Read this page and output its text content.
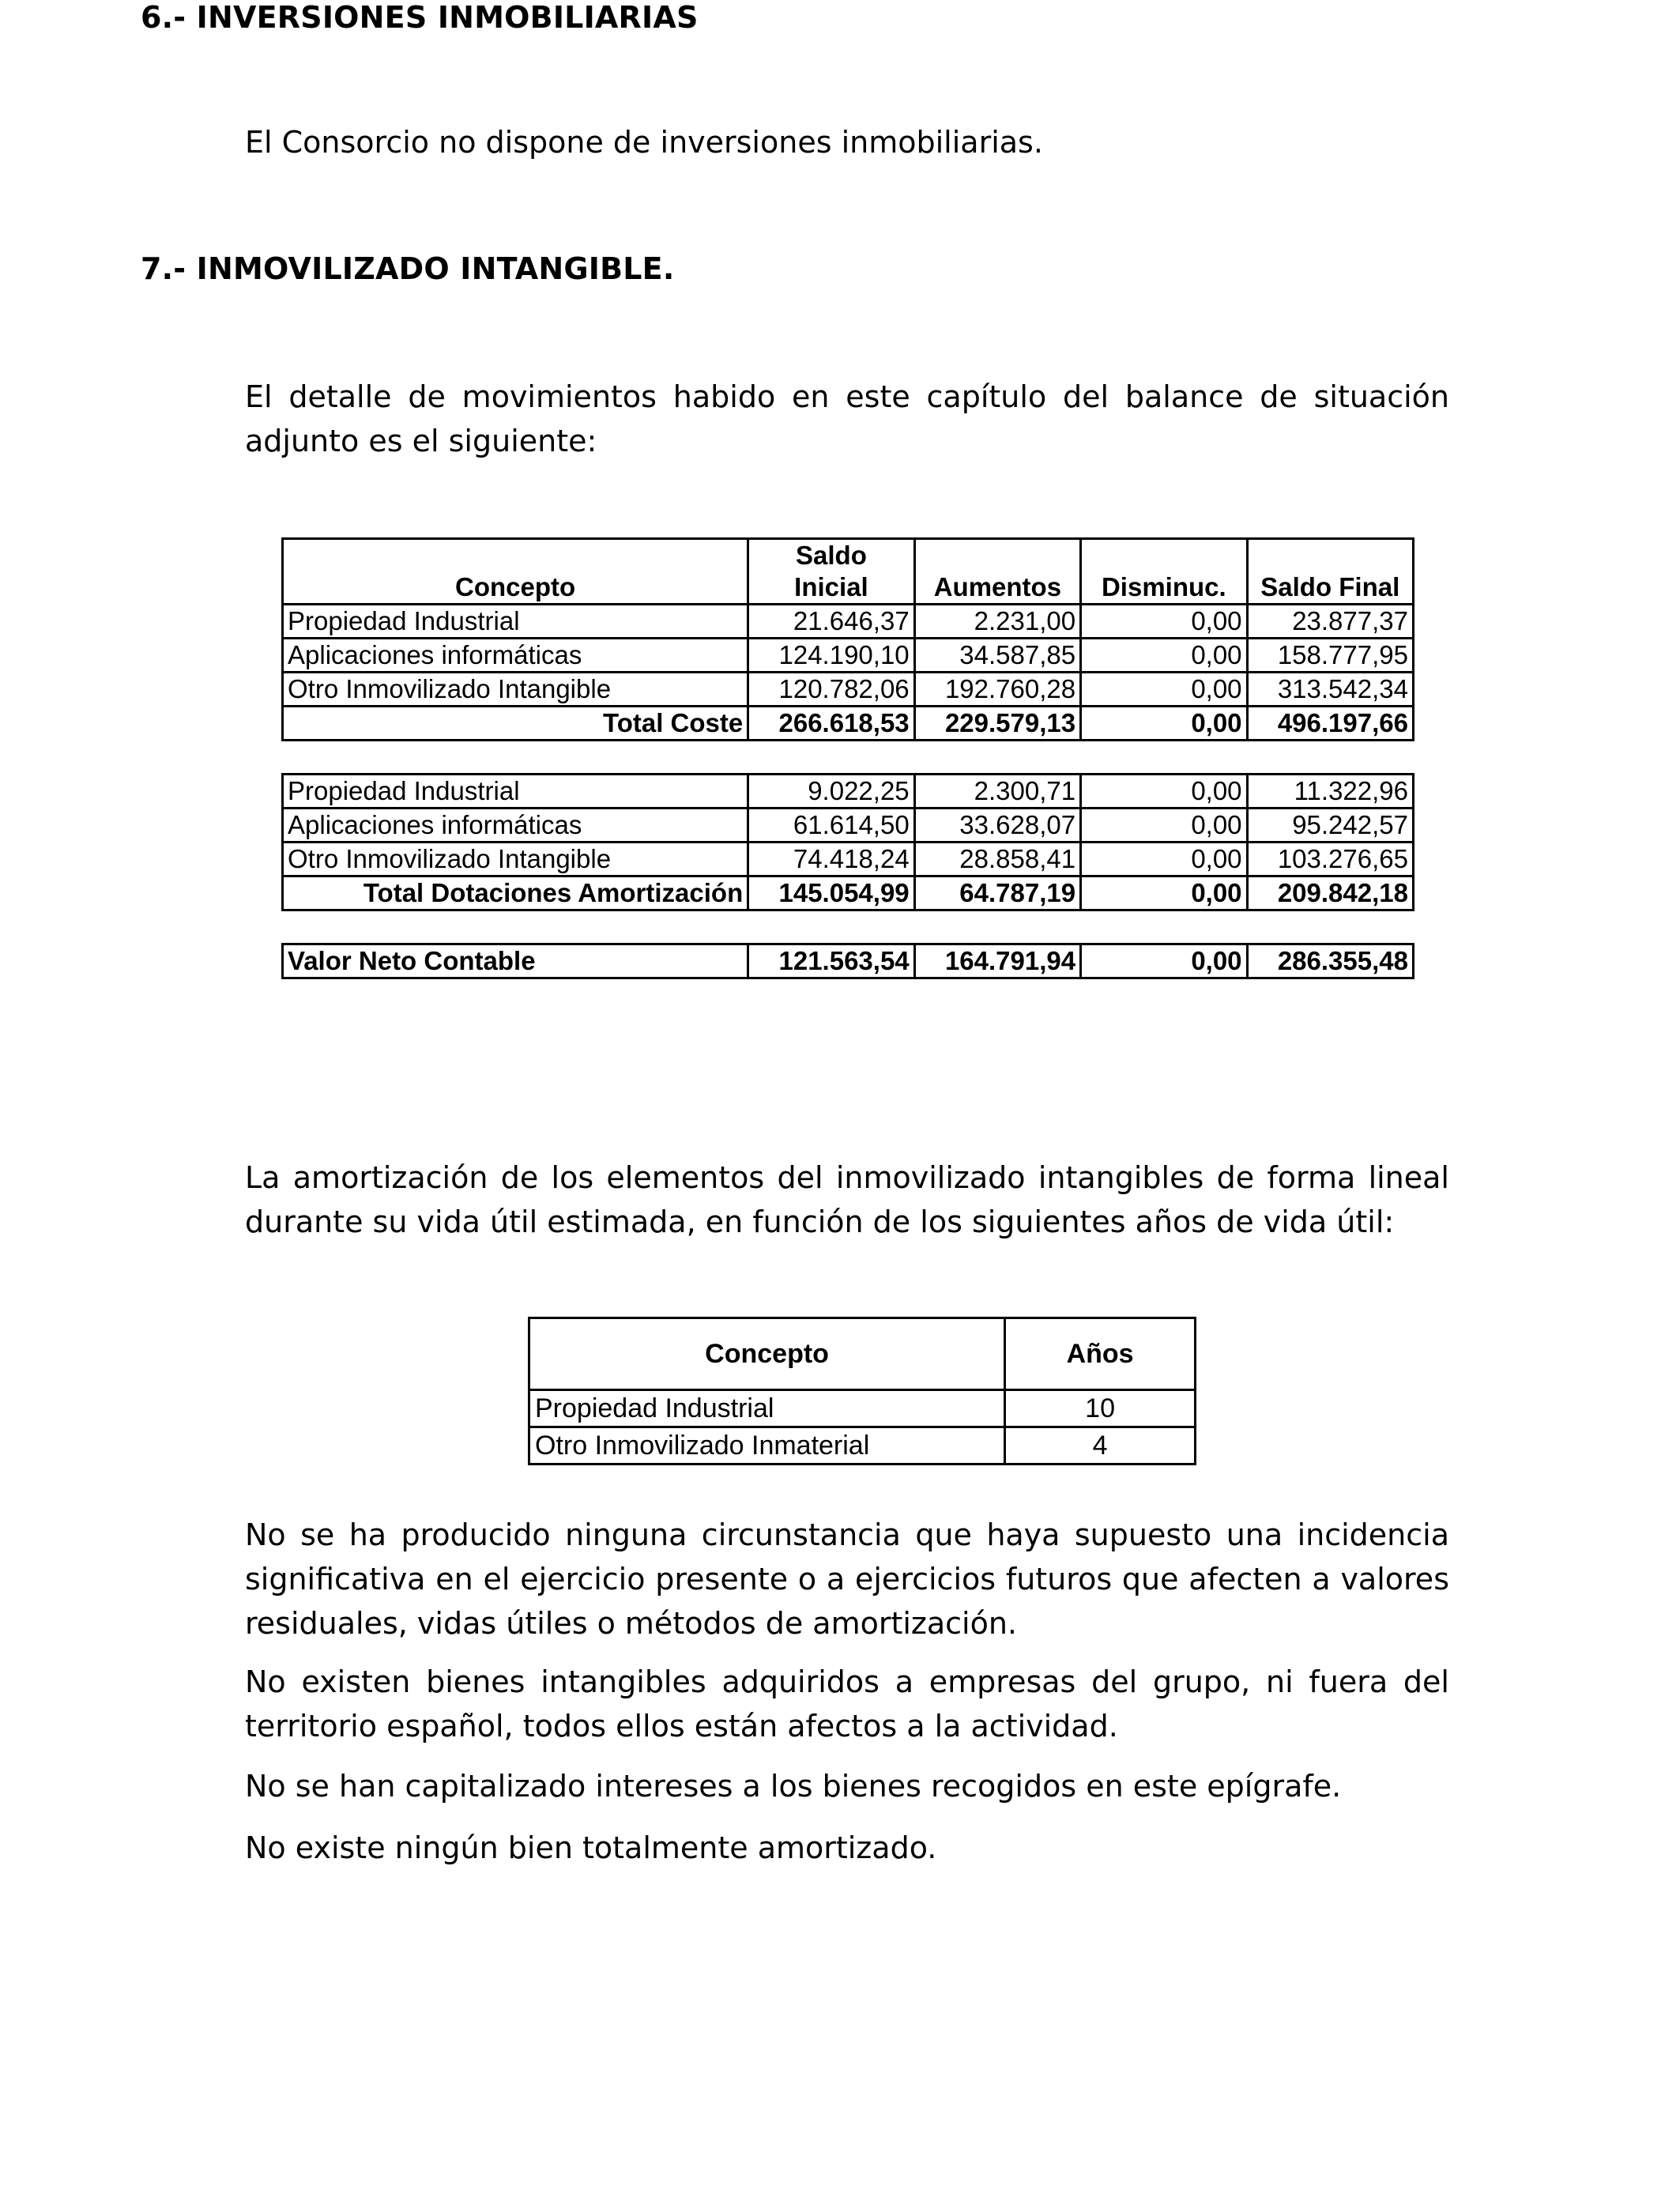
6.- INVERSIONES INMOBILIARIAS
El Consorcio no dispone de inversiones inmobiliarias.
7.- INMOVILIZADO INTANGIBLE.
El detalle de movimientos habido en este capítulo del balance de situación adjunto es el siguiente:
	Saldo			
Concepto	Inicial	Aumentos	Disminuc.	Saldo Final
Propiedad Industrial	21.646,37	2.231,00	0,00	23.877,37
Aplicaciones informáticas	124.190,10	34.587,85	0,00	158.777,95
Otro Inmovilizado Intangible	120.782,06	192.760,28	0,00	313.542,34
Total Coste	266.618,53	229.579,13	0,00	496.197,66

Propiedad Industrial	9.022,25	2.300,71	0,00	11.322,96
Aplicaciones informáticas	61.614,50	33.628,07	0,00	95.242,57
Otro Inmovilizado Intangible	74.418,24	28.858,41	0,00	103.276,65
Total Dotaciones Amortización	145.054,99	64.787,19	0,00	209.842,18

Valor Neto Contable	121.563,54	164.791,94	0,00	286.355,48
La amortización de los elementos del inmovilizado intangibles de forma lineal durante su vida útil estimada, en función de los siguientes años de vida útil:
Concepto	Años
Propiedad Industrial	10
Otro Inmovilizado Inmaterial	4
No se ha producido ninguna circunstancia que haya supuesto una incidencia significativa en el ejercicio presente o a ejercicios futuros que afecten a valores residuales, vidas útiles o métodos de amortización.
No existen bienes intangibles adquiridos a empresas del grupo, ni fuera del territorio español, todos ellos están afectos a la actividad.
No se han capitalizado intereses a los bienes recogidos en este epígrafe.
No existe ningún bien totalmente amortizado.
